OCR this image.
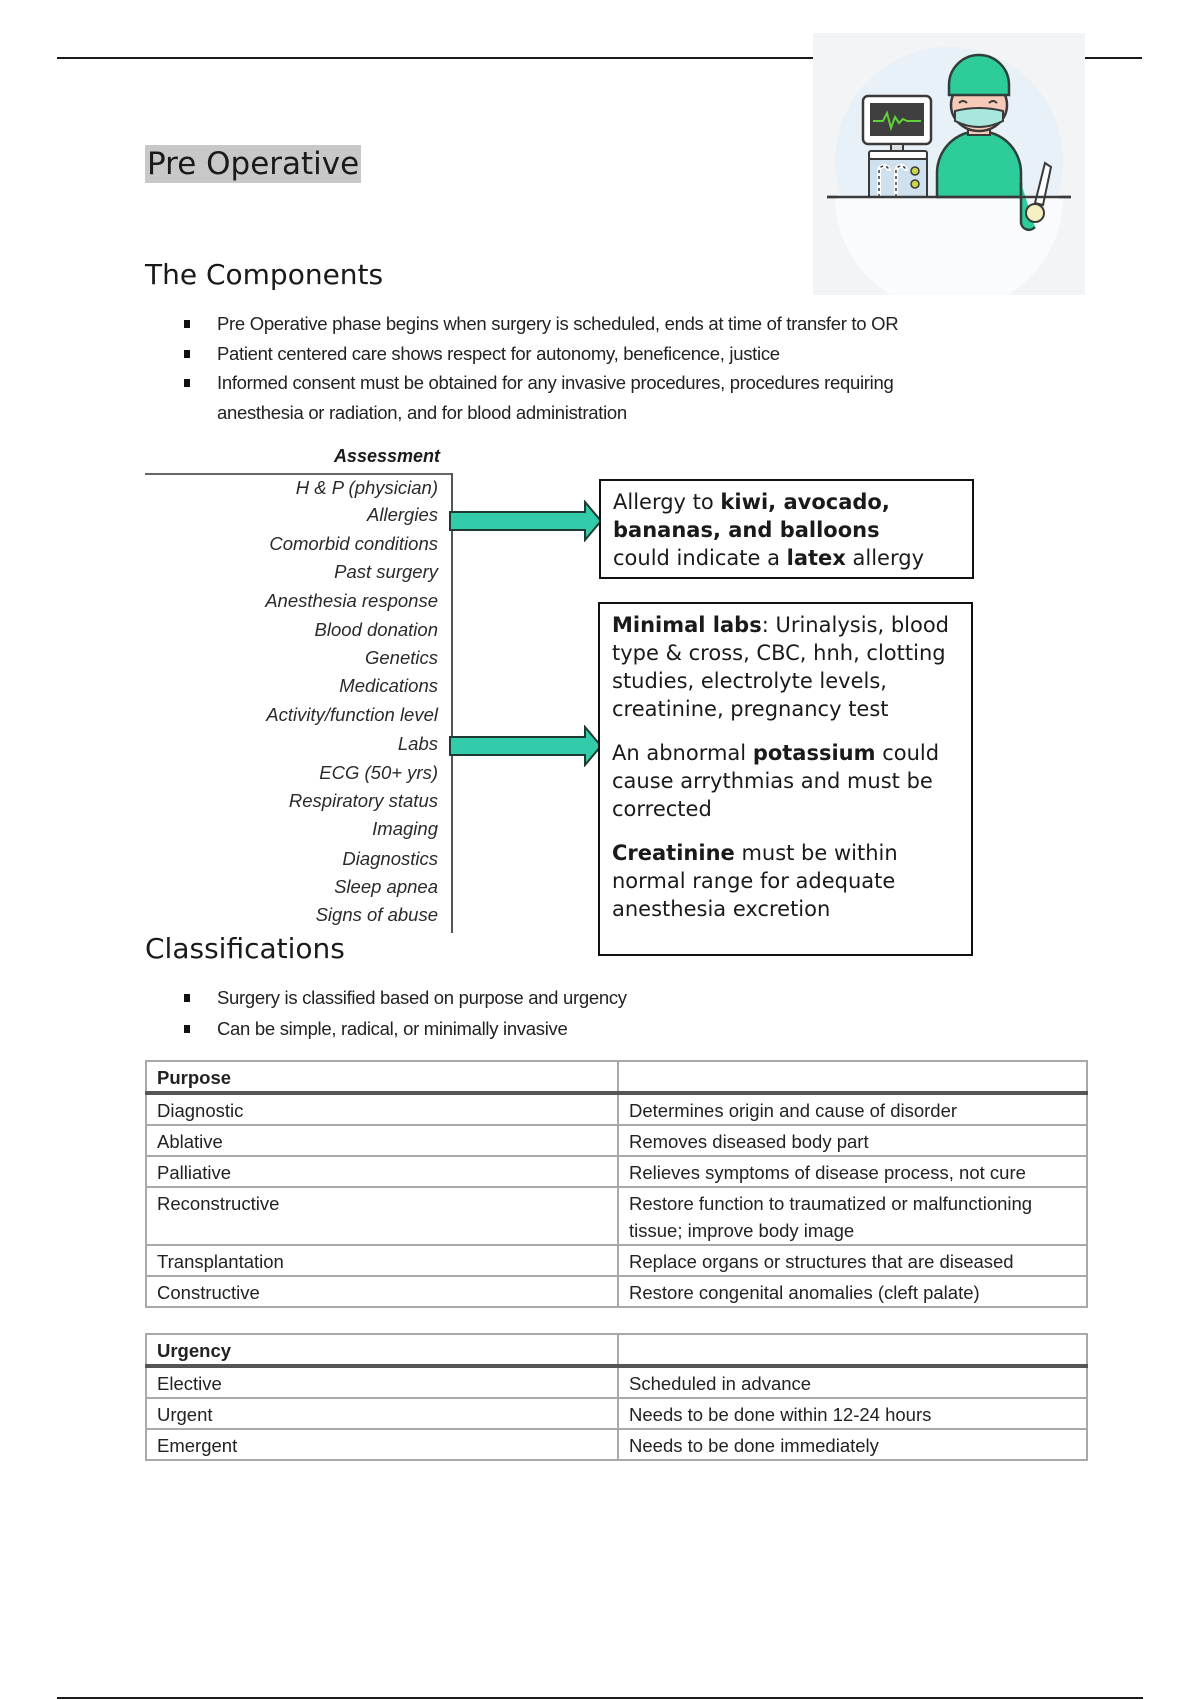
Pre Operative
The Components
Pre Operative phase begins when surgery is scheduled, ends at time of transfer to OR
Patient centered care shows respect for autonomy, beneficence, justice
Informed consent must be obtained for any invasive procedures, procedures requiring
anesthesia or radiation, and for blood administration
Assessment
H & P (physician)
Allergies
Comorbid conditions
Past surgery
Anesthesia response
Blood donation
Genetics
Medications
Activity/function level
Labs
ECG (50+ yrs)
Respiratory status
Imaging
Diagnostics
Sleep apnea
Signs of abuse

Allergy to kiwi, avocado,

bananas, and balloons

could indicate a latex allergy

Minimal labs: Urinalysis, blood type & cross, CBC, hnh, clotting studies, electrolyte levels, creatinine, pregnancy test

An abnormal potassium could cause arrythmias and must be corrected

Creatinine must be within normal range for adequate anesthesia excretion

Classifications
Surgery is classified based on purpose and urgency
Can be simple, radical, or minimally invasive
Purpose	
Diagnostic	Determines origin and cause of disorder
Ablative	Removes diseased body part
Palliative	Relieves symptoms of disease process, not cure
Reconstructive	Restore function to traumatized or malfunctioning tissue; improve body image
Transplantation	Replace organs or structures that are diseased
Constructive	Restore congenital anomalies (cleft palate)
Urgency	
Elective	Scheduled in advance
Urgent	Needs to be done within 12-24 hours
Emergent	Needs to be done immediately
